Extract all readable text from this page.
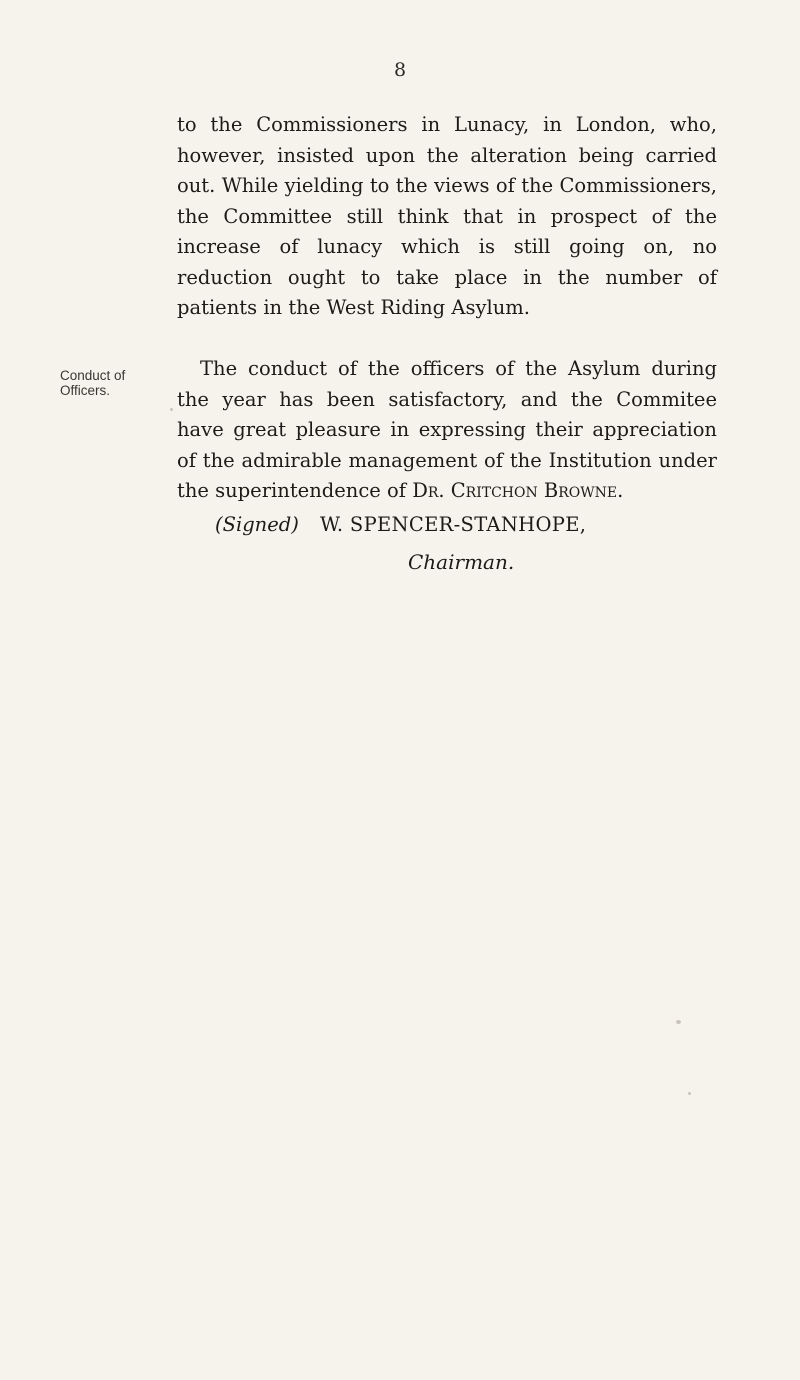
8

to the Commissioners in Lunacy, in London, who, however, insisted upon the alteration being carried out. While yielding to the views of the Commissioners, the Committee still think that in prospect of the increase of lunacy which is still going on, no reduction ought to take place in the number of patients in the West Riding Asylum.

Conduct of Officers.

The conduct of the officers of the Asylum during the year has been satisfactory, and the Commitee have great pleasure in expressing their appreciation of the admirable management of the Institution under the superintendence of Dr. Critchon Browne.

(Signed) W. SPENCER-STANHOPE,
Chairman.
